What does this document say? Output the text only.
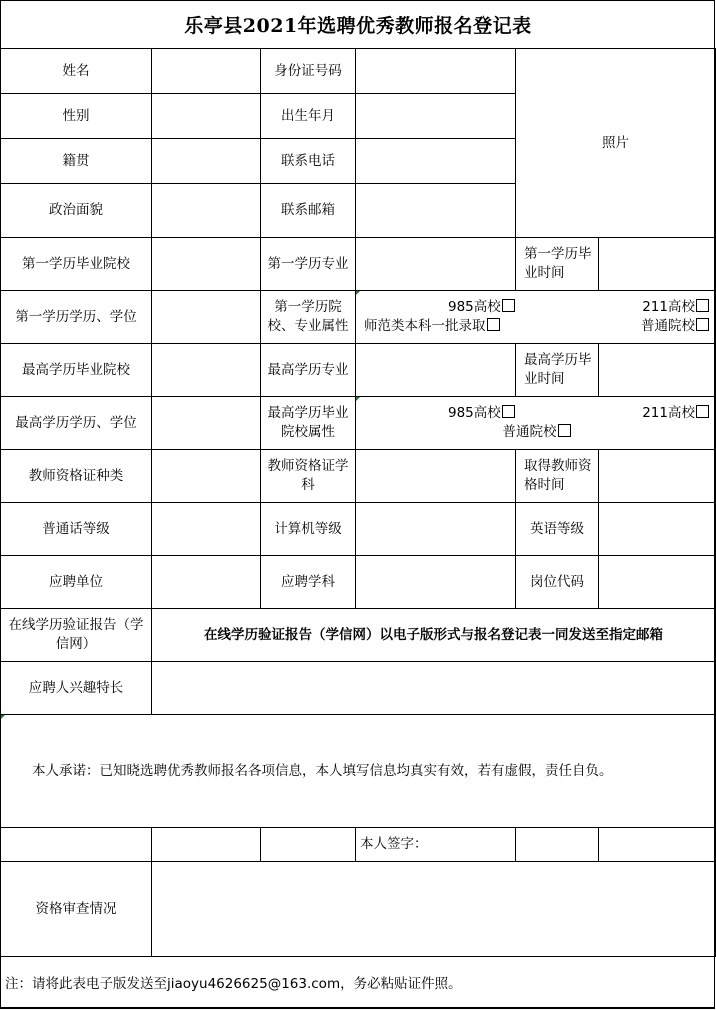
乐亭县2021年选聘优秀教师报名登记表
姓名		身份证号码		照片	
性别		出生年月			
籍贯		联系电话			
政治面貌		联系邮箱			
第一学历毕业院校		第一学历专业		第一学历毕业时间	
第一学历学历、学位		第一学历院校、专业属性	985高校 211高校
师范类本科一批录取 普通院校		

最高学历毕业院校		最高学历专业		最高学历毕业时间	
最高学历学历、学位		最高学历毕业院校属性	985高校 211高校
普通院校		

教师资格证种类		教师资格证学科		取得教师资格时间	
普通话等级		计算机等级		英语等级	
应聘单位		应聘学科		岗位代码	
在线学历验证报告（学信网）	在线学历验证报告（学信网）以电子版形式与报名登记表一同发送至指定邮箱				
应聘人兴趣特长					

本人承诺：已知晓选聘优秀教师报名各项信息，本人填写信息均真实有效，若有虚假，责任自负。					
			本人签字：		
资格审查情况					
注：请将此表电子版发送至jiaoyu4626625@163.com，务必粘贴证件照。
